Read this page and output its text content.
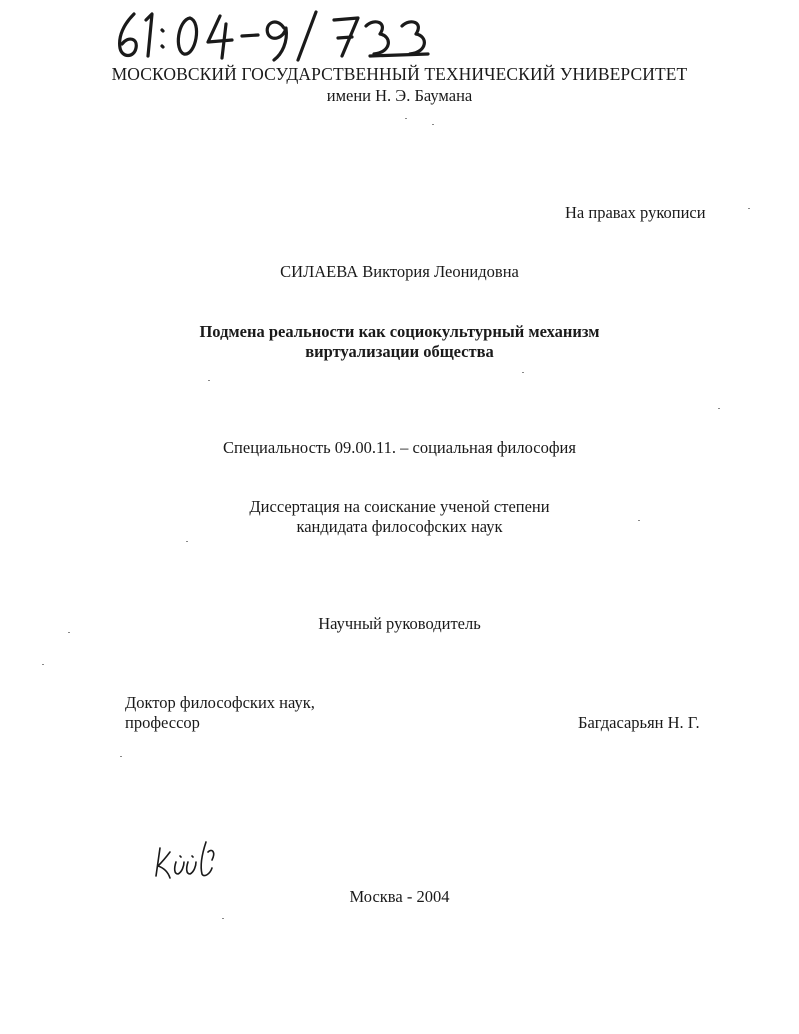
МОСКОВСКИЙ ГОСУДАРСТВЕННЫЙ ТЕХНИЧЕСКИЙ УНИВЕРСИТЕТ
имени Н. Э. Баумана
На правах рукописи
СИЛАЕВА Виктория Леонидовна
Подмена реальности как социокультурный механизм
виртуализации общества
Специальность 09.00.11. – социальная философия
Диссертация на соискание ученой степени
кандидата философских наук
Научный руководитель
Доктор философских наук,
профессор	Багдасарьян Н. Г.
Москва - 2004
